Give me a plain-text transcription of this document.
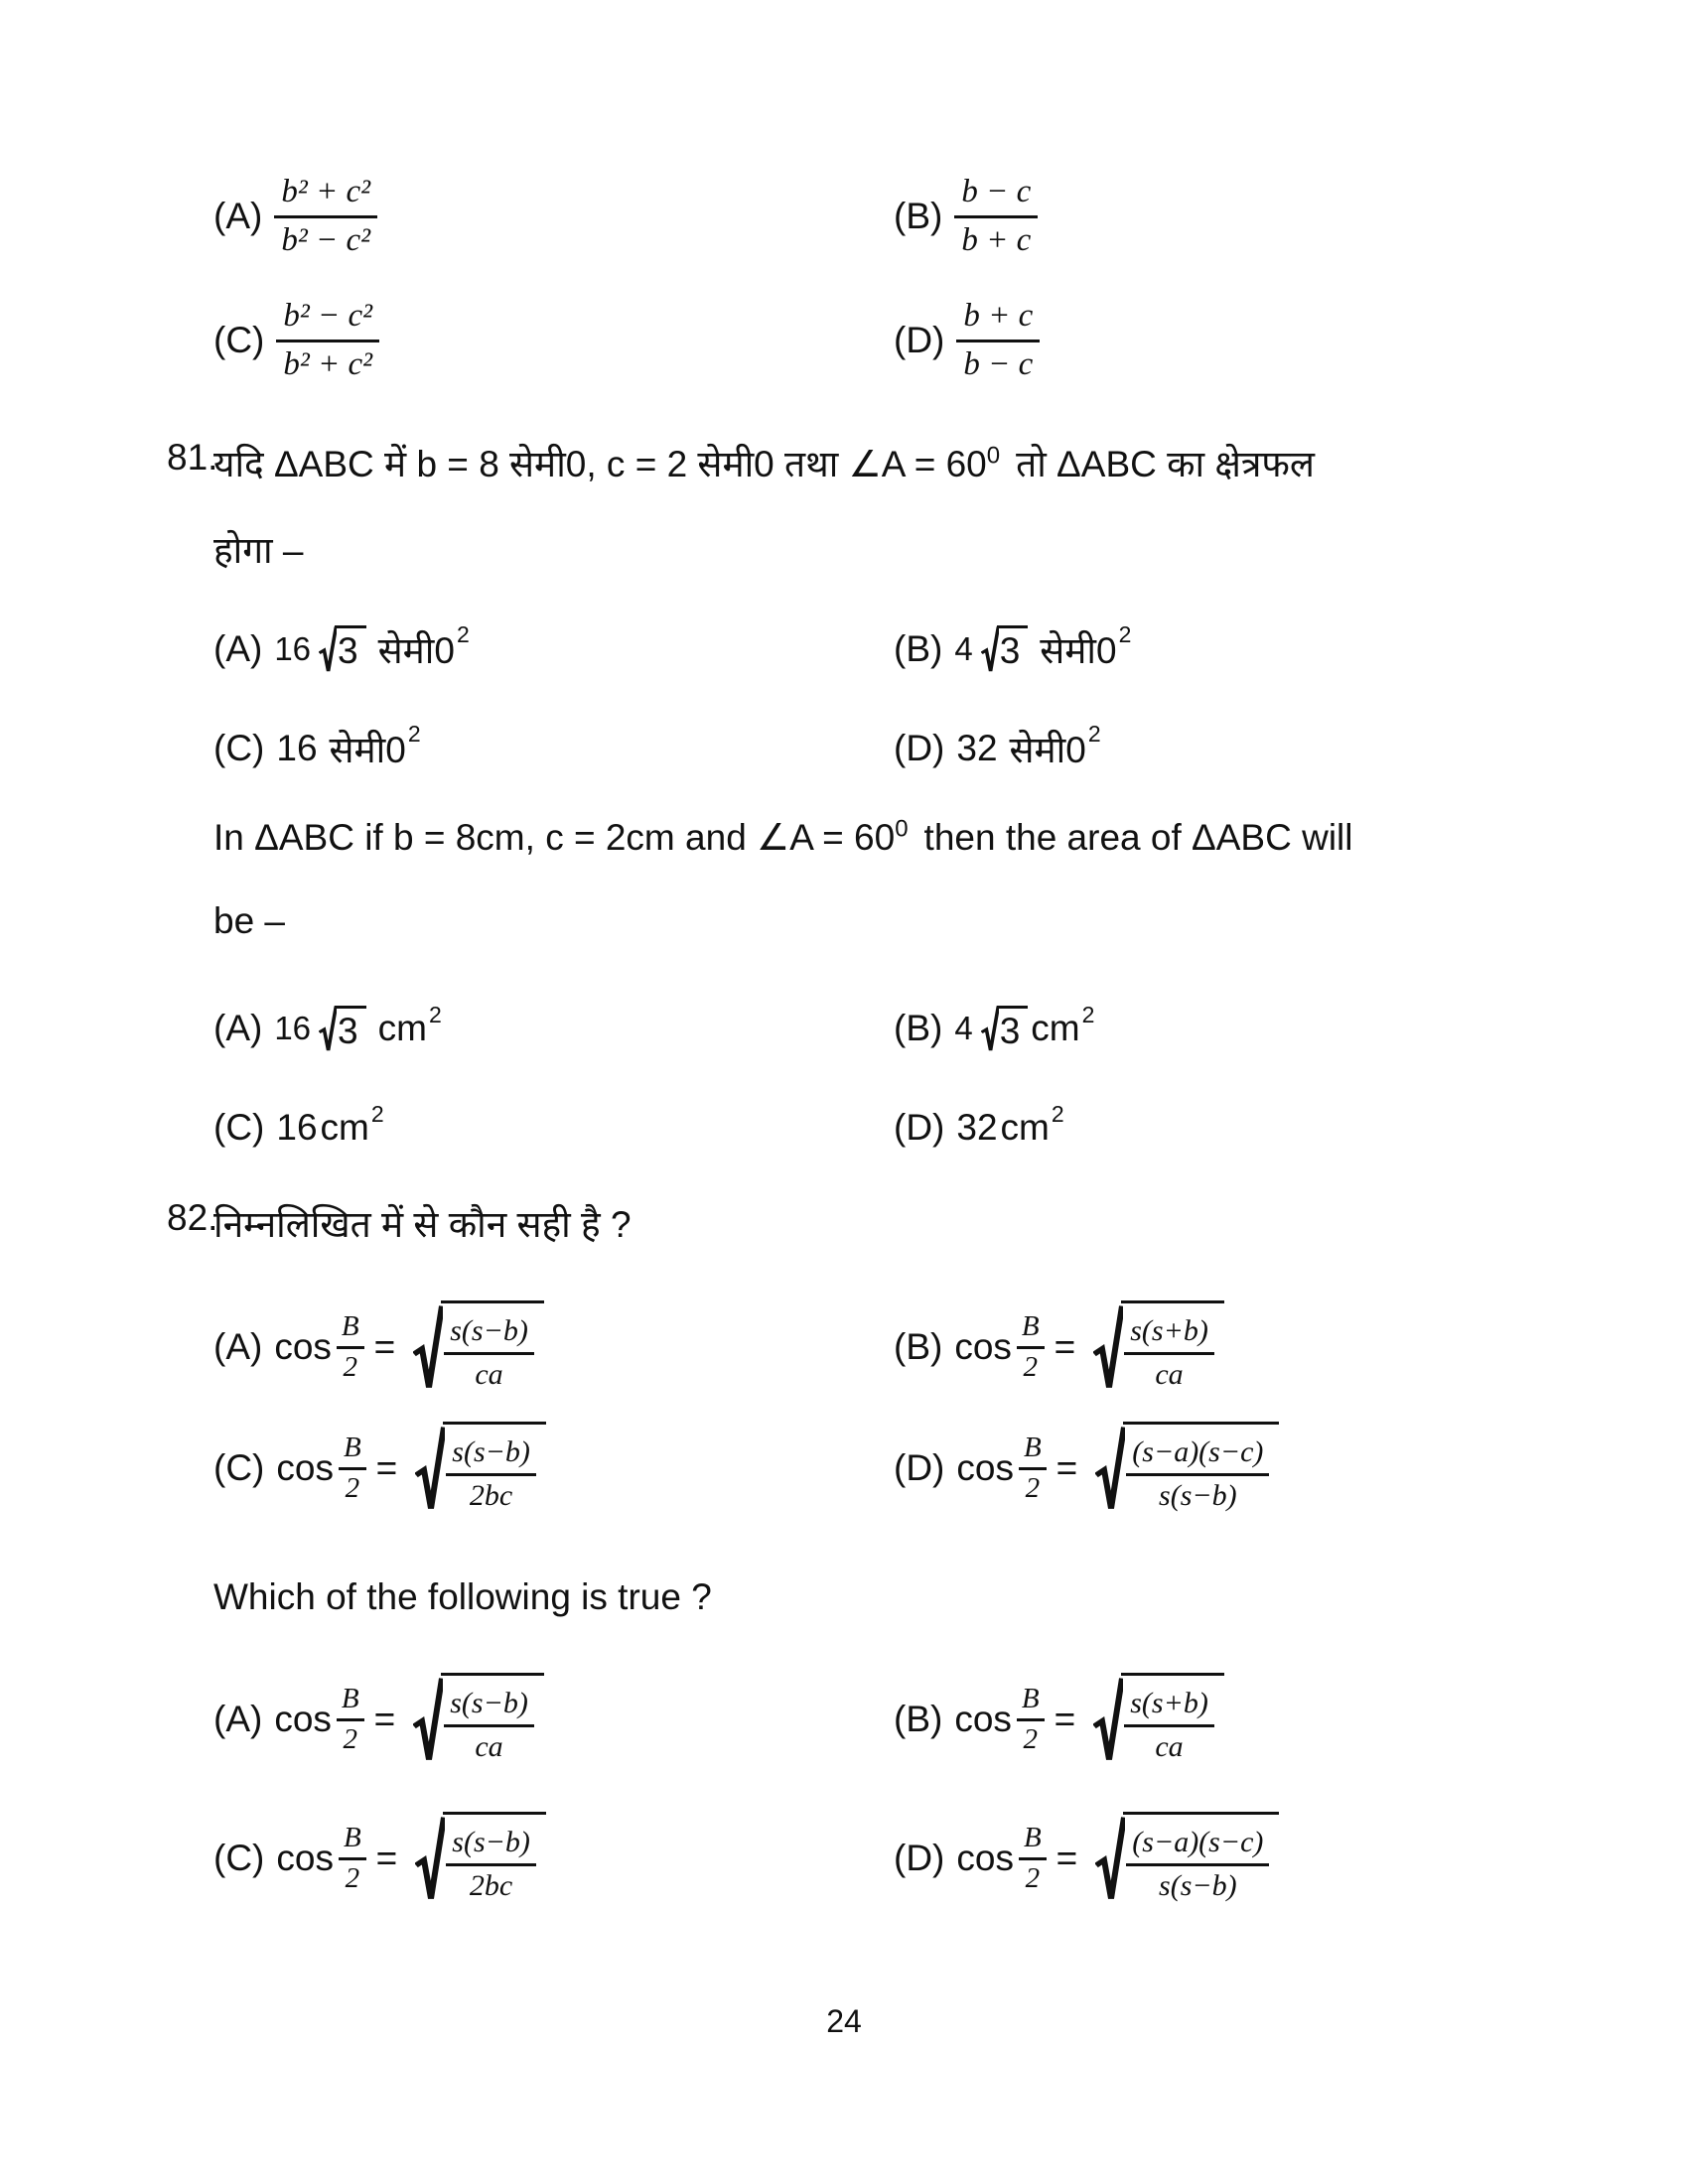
$(A) \frac{\text{b² + c²}}{\text{b² − c²}}$	$(B) \frac{b - c}{b + c}$
$(C) \frac{\text{b² − c²}}{\text{b² + c²}}$	$(D) \frac{b + c}{b - c}$
81.
यदि ΔABC में b = 8 सेमी0, c = 2 सेमी0 तथा ∠A = $60^0$ तो ΔABC का क्षेत्रफल
होगा –
(A) 16 3 सेमी0 2	(B) 4 3 सेमी0 2
(C) 16 सेमी0 2	(D) 32 सेमी0 2
In ΔABC if b = 8cm, c = 2cm and ∠A = $60^0$ then the area of ΔABC will
be –
(A) 16 3 cm 2	(B) 4 3 cm 2
(C) 16 cm 2	(D) 32 cm 2
82.
निम्नलिखित में से कौन सही है ?
(A) $\cos \frac{B}{2} = \frac{s(s-b)}{ca}$	(B) $\cos \frac{B}{2} = \frac{s(s+b)}{ca}$
(C) $\cos \frac{B}{2} = \frac{s(s-b)}{2bc}$	(D) $\cos \frac{B}{2} = \frac{(s-a)(s-c)}{s(s-b)}$
Which of the following is true ?
(A) $\cos \frac{B}{2} = \frac{s(s-b)}{ca}$	(B) $\cos \frac{B}{2} = \frac{s(s+b)}{ca}$
(C) $\cos \frac{B}{2} = \frac{s(s-b)}{2bc}$	(D) $\cos \frac{B}{2} = \frac{(s-a)(s-c)}{s(s-b)}$
24
